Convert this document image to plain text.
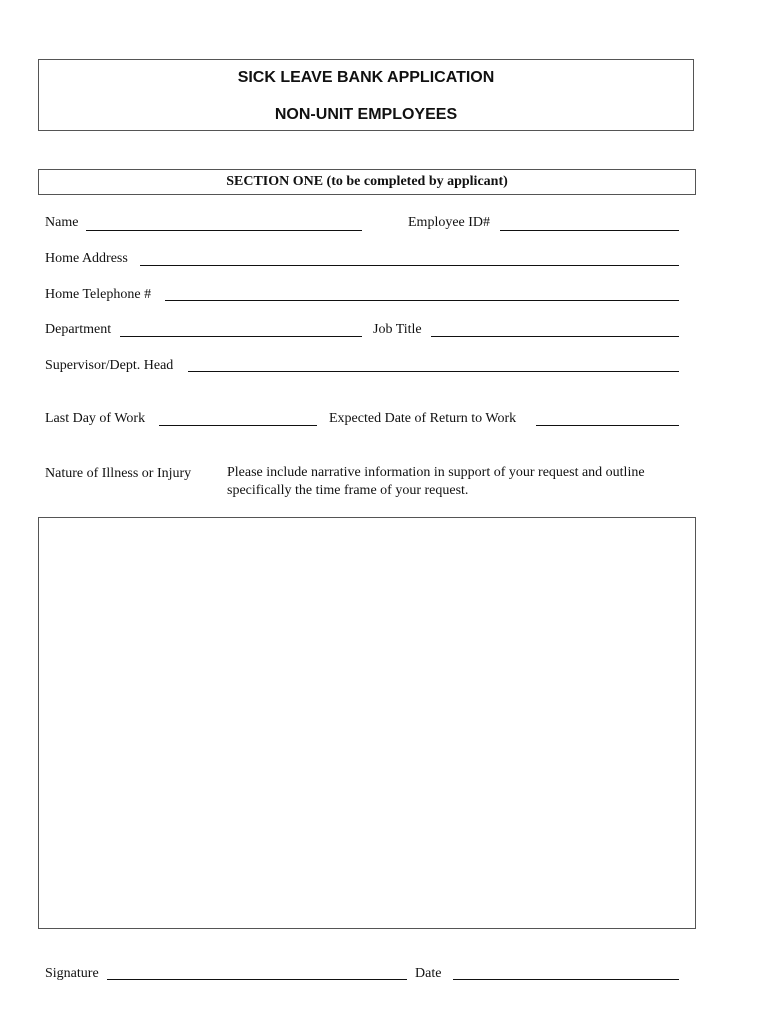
SICK LEAVE BANK APPLICATION
NON-UNIT EMPLOYEES
SECTION ONE (to be completed by applicant)
Name	Employee ID#
Home Address
Home Telephone #
Department	Job Title
Supervisor/Dept. Head
Last Day of Work	Expected Date of Return to Work
Nature of Illness or Injury	Please include narrative information in support of your request and outline
specifically the time frame of your request.
Signature	Date
